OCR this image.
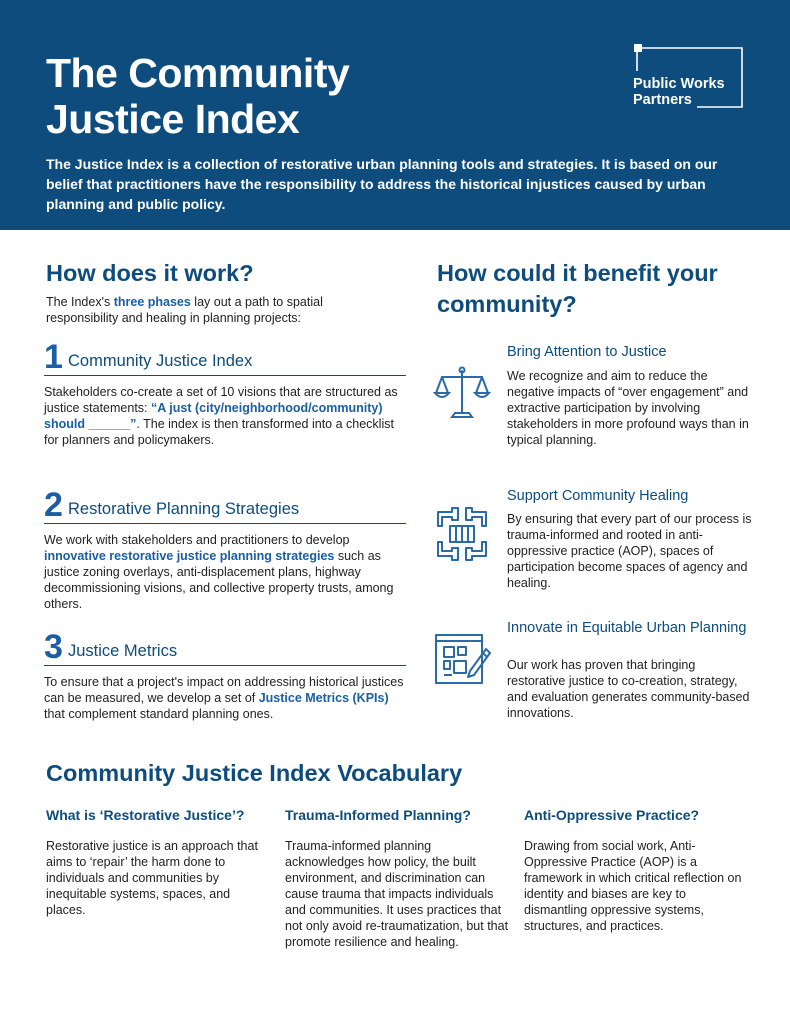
The Community
Justice Index
Public Works
Partners

The Justice Index is a collection of restorative urban planning tools and strategies. It is based on our belief that practitioners have the responsibility to address the historical injustices caused by urban planning and public policy.

How does it work?

The Index's three phases lay out a path to spatial responsibility and healing in planning projects:

1 Community Justice Index

Stakeholders co-create a set of 10 visions that are structured as justice statements: “A just (city/neighborhood/community) should ______”. The index is then transformed into a checklist for planners and policymakers.

2 Restorative Planning Strategies

We work with stakeholders and practitioners to develop innovative restorative justice planning strategies such as justice zoning overlays, anti-displacement plans, highway decommissioning visions, and collective property trusts, among others.

3 Justice Metrics

To ensure that a project's impact on addressing historical justices can be measured, we develop a set of Justice Metrics (KPIs) that complement standard planning ones.

How could it benefit your community?
Bring Attention to Justice

We recognize and aim to reduce the negative impacts of “over engagement” and extractive participation by involving stakeholders in more profound ways than in typical planning.

Support Community Healing

By ensuring that every part of our process is trauma-informed and rooted in anti-oppressive practice (AOP), spaces of participation become spaces of agency and healing.

Innovate in Equitable Urban Planning

Our work has proven that bringing restorative justice to co-creation, strategy, and evaluation generates community-based innovations.

Community Justice Index Vocabulary
What is ‘Restorative Justice’?

Restorative justice is an approach that aims to ‘repair’ the harm done to individuals and communities by inequitable systems, spaces, and places.

Trauma-Informed Planning?

Trauma-informed planning acknowledges how policy, the built environment, and discrimination can cause trauma that impacts individuals and communities. It uses practices that not only avoid re-traumatization, but that promote resilience and healing.

Anti-Oppressive Practice?

Drawing from social work, Anti-Oppressive Practice (AOP) is a framework in which critical reflection on identity and biases are key to dismantling oppressive systems, structures, and practices.
